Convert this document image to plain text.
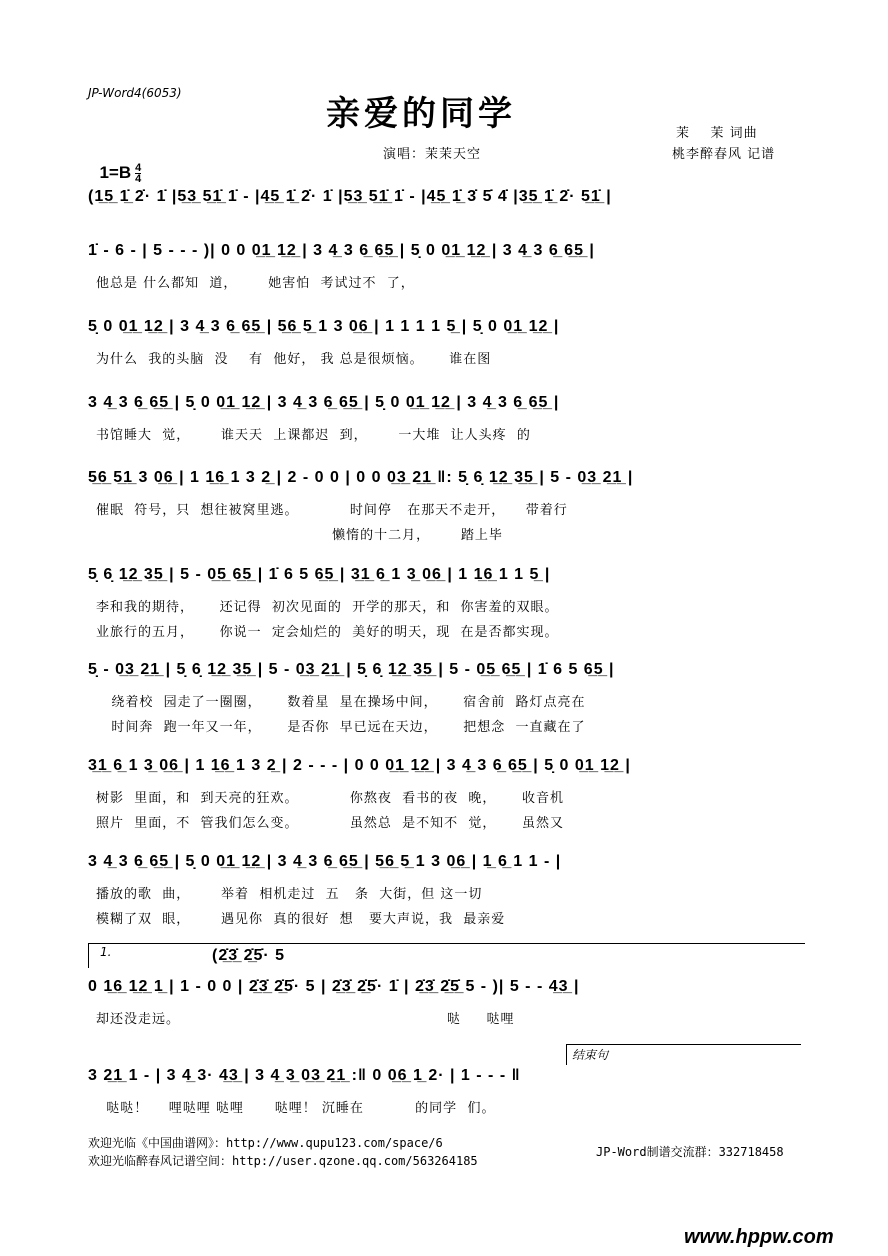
JP-Word4(6053)
亲爱的同学	茉    茉 词曲
桃李醉春风 记谱

$1=B \frac{4}{4}$

演唱：茉茉天空
(1̲5̲ 1̲̇ 2̇· 1̇ |5̲3̲ 5̲1̲̇ 1̇ - |4̲5̲ 1̲̇ 2̇· 1̇ |5̲3̲ 5̲1̲̇ 1̇ - |4̲5̲ 1̲̇ 3̇ 5̇ 4̇ |3̲5̲ 1̲̇ 2̇· 5̲1̲̇ |
1̇ - 6 - | 5 - - - )| 0 0 0̲1̲ 1̲2̲ | 3 4̲ 3 6̲ 6̲5̲ | 5̣ 0 0̲1̲ 1̲2̲ | 3 4̲ 3 6̲ 6̲5̲ |
他总是 什么都知  道，      她害怕  考试过不  了，
5̣ 0 0̲1̲ 1̲2̲ | 3 4̲ 3 6̲ 6̲5̲ | 5̲6̲ 5̲ 1 3 0̲6̲ | 1 1 1 1 5̲ | 5̣ 0 0̲1̲ 1̲2̲ |
为什么  我的头脑  没    有  他好， 我 总是很烦恼。     谁在图
3 4̲ 3 6̲ 6̲5̲ | 5̣ 0 0̲1̲ 1̲2̲ | 3 4̲ 3 6̲ 6̲5̲ | 5̣ 0 0̲1̲ 1̲2̲ | 3 4̲ 3 6̲ 6̲5̲ |
书馆睡大  觉，      谁天天  上课都迟  到，      一大堆  让人头疼  的
5̲6̲ 5̲1̲ 3 0̲6̲ | 1 1̲6̲ 1 3 2̲ | 2 - 0 0 | 0 0 0̲3̲ 2̲1̲ ‖: 5̣ 6̣ 1̲2̲ 3̲5̲ | 5 - 0̲3̲ 2̲1̲ |
催眠  符号，只  想往被窝里逃。          时间停   在那天不走开，    带着行
懒惰的十二月，      踏上毕
5̣ 6̣ 1̲2̲ 3̲5̲ | 5 - 0̲5̲ 6̲5̲ | 1̇ 6 5 6̲5̲ | 3̲1̲ 6̲ 1 3̲ 0̲6̲ | 1 1̲6̲ 1 1 5̲ |
李和我的期待，     还记得  初次见面的  开学的那天，和  你害羞的双眼。
业旅行的五月，     你说一  定会灿烂的  美好的明天，现  在是否都实现。
5̣ - 0̲3̲ 2̲1̲ | 5̣ 6̣ 1̲2̲ 3̲5̲ | 5 - 0̲3̲ 2̲1̲ | 5̣ 6̣ 1̲2̲ 3̲5̲ | 5 - 0̲5̲ 6̲5̲ | 1̇ 6 5 6̲5̲ |
绕着校  园走了一圈圈，     数着星  星在操场中间，     宿舍前  路灯点亮在
时间奔  跑一年又一年，     是否你  早已远在天边，     把想念  一直藏在了
3̲1̲ 6̲ 1 3̲ 0̲6̲ | 1 1̲6̲ 1 3 2̲ | 2 - - - | 0 0 0̲1̲ 1̲2̲ | 3 4̲ 3 6̲ 6̲5̲ | 5̣ 0 0̲1̲ 1̲2̲ |
树影  里面，和  到天亮的狂欢。          你熬夜  看书的夜  晚，     收音机
照片  里面，不  管我们怎么变。          虽然总  是不知不  觉，     虽然又
3 4̲ 3 6̲ 6̲5̲ | 5̣ 0 0̲1̲ 1̲2̲ | 3 4̲ 3 6̲ 6̲5̲ | 5̲6̲ 5̲ 1 3 0̲6̲ | 1̲ 6̲ 1 1 - |
播放的歌  曲，      举着  相机走过  五   条  大街，但 这一切
模糊了双  眼，      遇见你  真的很好  想   要大声说，我  最亲爱
0 1̲6̲ 1̲2̲ 1̲ | 1 - 0 0 | 2̲̇3̲̇ 2̲̇5̇· 5 | 2̲̇3̲̇ 2̲̇5̇· 1̇ | 2̲̇3̲̇ 2̲̇5̲̇ 5 - )| 5 - - 4̲3̲ |
却还没走远。                                                    哒     哒哩
3 2̲1̲ 1 - | 3 4̲ 3· 4̲3̲ | 3 4̲ 3̲ 0̲3̲ 2̲1̲ :‖ 0 0̲6̲ 1̲ 2· | 1 - - - ‖
哒哒！    哩哒哩 哒哩      哒哩！ 沉睡在          的同学  们。
1.	(2̲̇3̲̇ 2̲̇5̇· 5
结束句
欢迎光临《中国曲谱网》：http://www.qupu123.com/space/6
欢迎光临醉春风记谱空间：http://user.qzone.qq.com/563264185
JP-Word制谱交流群：332718458
www.hppw.com
